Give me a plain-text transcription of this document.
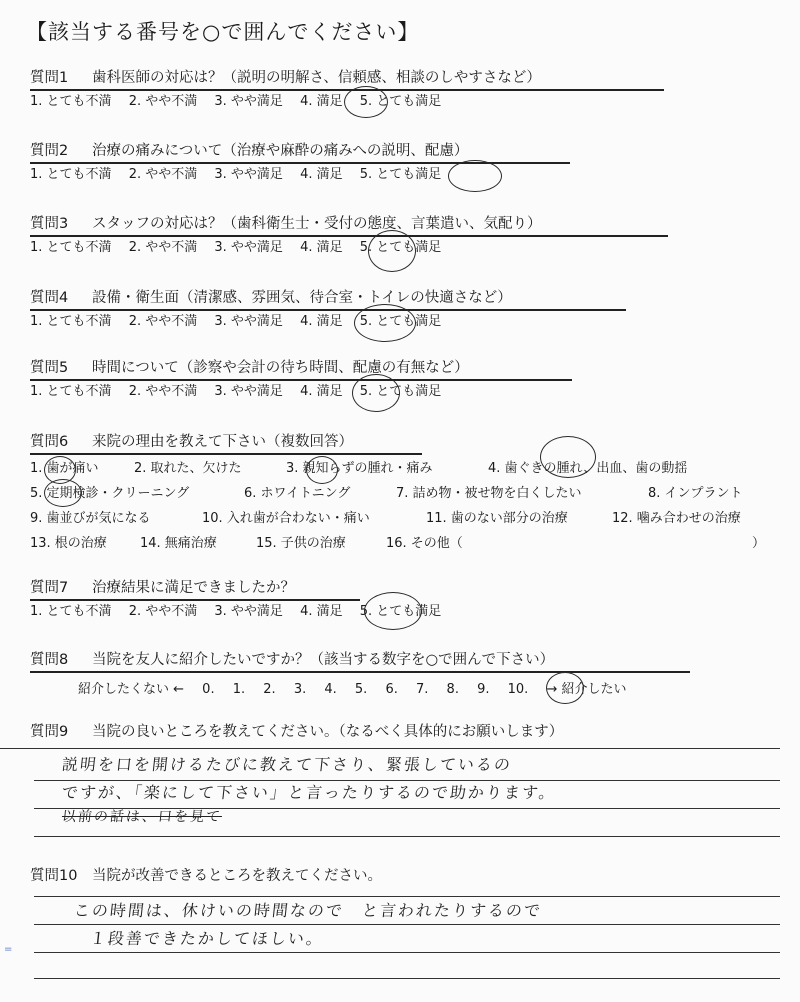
【該当する番号を○で囲んでください】
質問1 歯科医師の対応は？（説明の明解さ、信頼感、相談のしやすさなど）
1. とても不満　 2. やや不満　 3. やや満足　 4. 満足　 5. とても満足
質問2 治療の痛みについて（治療や麻酔の痛みへの説明、配慮）
1. とても不満　 2. やや不満　 3. やや満足　 4. 満足　 5. とても満足
質問3 スタッフの対応は？（歯科衛生士・受付の態度、言葉遣い、気配り）
1. とても不満　 2. やや不満　 3. やや満足　 4. 満足　 5. とても満足
質問4 設備・衛生面（清潔感、雰囲気、待合室・トイレの快適さなど）
1. とても不満　 2. やや不満　 3. やや満足　 4. 満足　 5. とても満足
質問5 時間について（診察や会計の待ち時間、配慮の有無など）
1. とても不満　 2. やや不満　 3. やや満足　 4. 満足　 5. とても満足
質問6 来院の理由を教えて下さい（複数回答）
1. 歯が痛い	2. 取れた、欠けた	3. 親知らずの腫れ・痛み	4. 歯ぐきの腫れ、出血、歯の動揺
5. 定期検診・クリーニング	6. ホワイトニング	7. 詰め物・被せ物を白くしたい	8. インプラント
9. 歯並びが気になる	10. 入れ歯が合わない・痛い	11. 歯のない部分の治療	12. 噛み合わせの治療
13. 根の治療	14. 無痛治療	15. 子供の治療	16. その他（	）
質問7 治療結果に満足できましたか？
1. とても不満　 2. やや不満　 3. やや満足　 4. 満足　 5. とても満足
質問8 当院を友人に紹介したいですか？（該当する数字を○で囲んで下さい）
紹介したくない ← 0. 1. 2. 3. 4. 5. 6. 7. 8. 9. 10. → 紹介したい
質問9 当院の良いところを教えてください。（なるべく具体的にお願いします）
説明を口を開けるたびに教えて下さり、緊張しているの
ですが、「楽にして下さい」と言ったりするので助かります。
以前の話は、口を見て
質問10 当院が改善できるところを教えてください。
この時間は、休けいの時間なので　と言われたりするので
１段善できたかしてほしい。
=
